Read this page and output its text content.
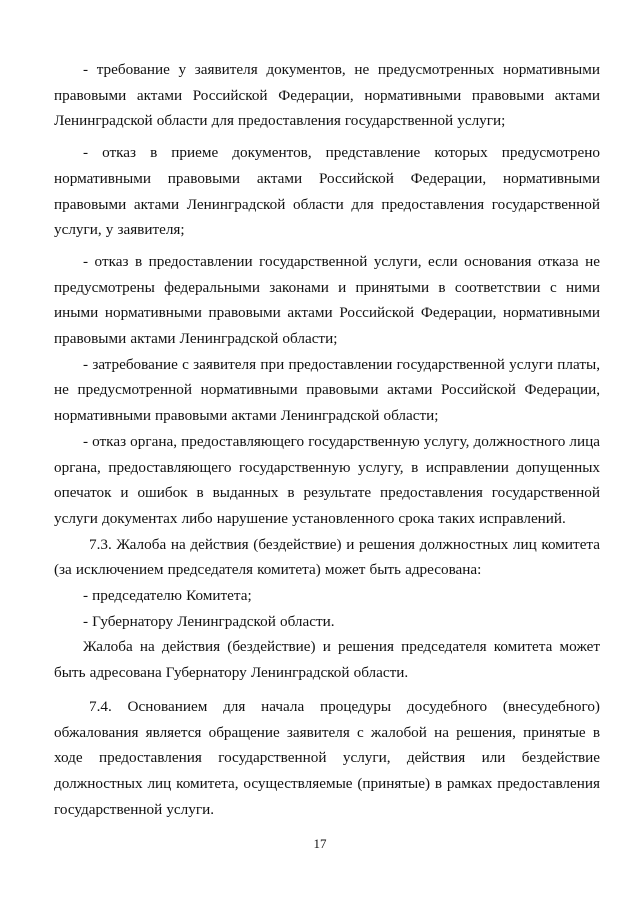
- требование у заявителя документов, не предусмотренных нормативными правовыми актами Российской Федерации, нормативными правовыми актами Ленинградской области для предоставления государственной услуги;

- отказ в приеме документов, представление которых предусмотрено нормативными правовыми актами Российской Федерации, нормативными правовыми актами Ленинградской области для предоставления государственной услуги, у заявителя;

- отказ в предоставлении государственной услуги, если основания отказа не предусмотрены федеральными законами и принятыми в соответствии с ними иными нормативными правовыми актами Российской Федерации, нормативными правовыми актами Ленинградской области;

- затребование с заявителя при предоставлении государственной услуги платы, не предусмотренной нормативными правовыми актами Российской Федерации, нормативными правовыми актами Ленинградской области;

- отказ органа, предоставляющего государственную услугу, должностного лица органа, предоставляющего государственную услугу, в исправлении допущенных опечаток и ошибок в выданных в результате предоставления государственной услуги документах либо нарушение установленного срока таких исправлений.

7.3. Жалоба на действия (бездействие) и решения должностных лиц комитета (за исключением председателя комитета) может быть адресована:

- председателю Комитета;

- Губернатору Ленинградской области.

Жалоба на действия (бездействие) и решения председателя комитета может быть адресована Губернатору Ленинградской области.

7.4. Основанием для начала процедуры досудебного (внесудебного) обжалования является обращение заявителя с жалобой на решения, принятые в ходе предоставления государственной услуги, действия или бездействие должностных лиц комитета, осуществляемые (принятые) в рамках предоставления государственной услуги.

17
